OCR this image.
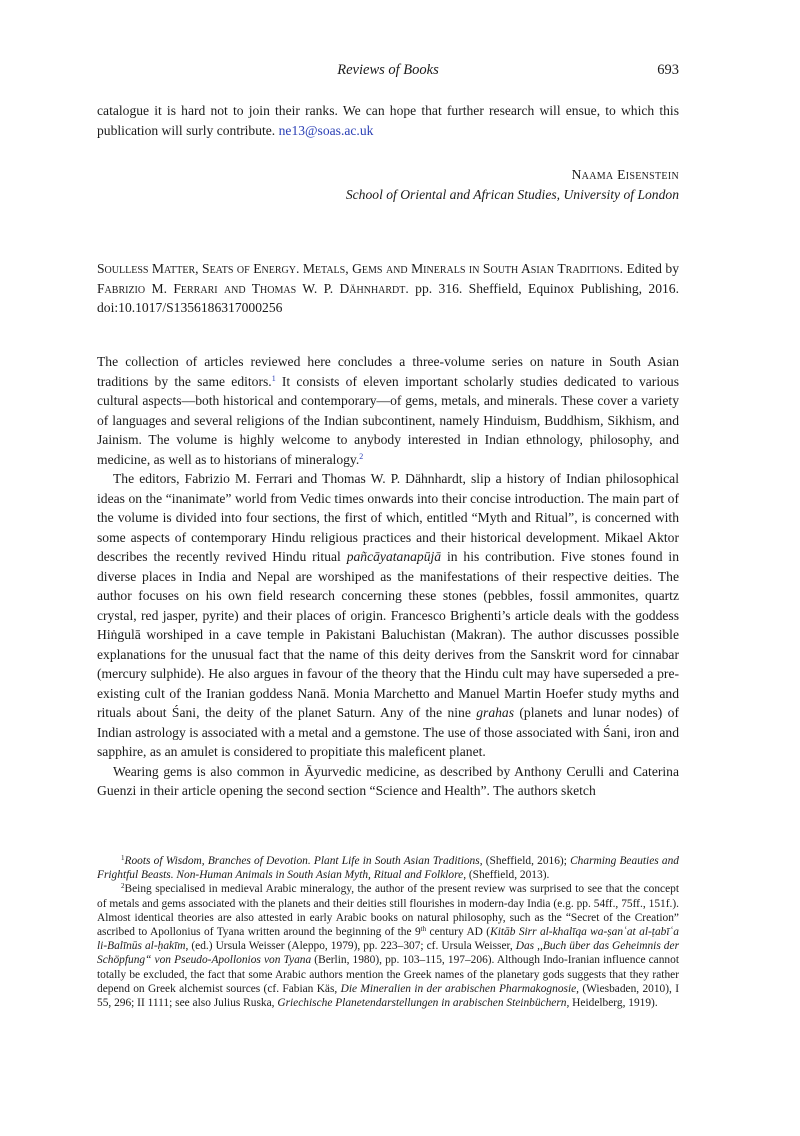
Reviews of Books	693

catalogue it is hard not to join their ranks. We can hope that further research will ensue, to which this publication will surly contribute. ne13@soas.ac.uk

Naama Eisenstein
School of Oriental and African Studies, University of London

Soulless Matter, Seats of Energy. Metals, Gems and Minerals in South Asian Traditions. Edited by Fabrizio M. Ferrari and Thomas W. P. Dähnhardt. pp. 316. Sheffield, Equinox Publishing, 2016. doi:10.1017/S1356186317000256

The collection of articles reviewed here concludes a three-volume series on nature in South Asian traditions by the same editors.$^1$ It consists of eleven important scholarly studies dedicated to various cultural aspects—both historical and contemporary—of gems, metals, and minerals. These cover a variety of languages and several religions of the Indian subcontinent, namely Hinduism, Buddhism, Sikhism, and Jainism. The volume is highly welcome to anybody interested in Indian ethnology, philosophy, and medicine, as well as to historians of mineralogy.$^2$

The editors, Fabrizio M. Ferrari and Thomas W. P. Dähnhardt, slip a history of Indian philosophical ideas on the “inanimate” world from Vedic times onwards into their concise introduction. The main part of the volume is divided into four sections, the first of which, entitled “Myth and Ritual”, is concerned with some aspects of contemporary Hindu religious practices and their historical development. Mikael Aktor describes the recently revived Hindu ritual pañcāyatanapūjā in his contribution. Five stones found in diverse places in India and Nepal are worshiped as the manifestations of their respective deities. The author focuses on his own field research concerning these stones (pebbles, fossil ammonites, quartz crystal, red jasper, pyrite) and their places of origin. Francesco Brighenti’s article deals with the goddess Hiṅgulā worshiped in a cave temple in Pakistani Baluchistan (Makran). The author discusses possible explanations for the unusual fact that the name of this deity derives from the Sanskrit word for cinnabar (mercury sulphide). He also argues in favour of the theory that the Hindu cult may have superseded a pre-existing cult of the Iranian goddess Nanā. Monia Marchetto and Manuel Martin Hoefer study myths and rituals about Śani, the deity of the planet Saturn. Any of the nine grahas (planets and lunar nodes) of Indian astrology is associated with a metal and a gemstone. The use of those associated with Śani, iron and sapphire, as an amulet is considered to propitiate this maleficent planet.

Wearing gems is also common in Āyurvedic medicine, as described by Anthony Cerulli and Caterina Guenzi in their article opening the second section “Science and Health”. The authors sketch

$^1$Roots of Wisdom, Branches of Devotion. Plant Life in South Asian Traditions, (Sheffield, 2016); Charming Beauties and Frightful Beasts. Non-Human Animals in South Asian Myth, Ritual and Folklore, (Sheffield, 2013).

$^2$Being specialised in medieval Arabic mineralogy, the author of the present review was surprised to see that the concept of metals and gems associated with the planets and their deities still flourishes in modern-day India (e.g. pp. 54ff., 75ff., 151f.). Almost identical theories are also attested in early Arabic books on natural philosophy, such as the “Secret of the Creation” ascribed to Apollonius of Tyana written around the beginning of the 9th century AD (Kitāb Sirr al-khalīqa wa-ṣanʿat al-ṭabīʿa li-Balīnūs al-ḥakīm, (ed.) Ursula Weisser (Aleppo, 1979), pp. 223–307; cf. Ursula Weisser, Das ,,Buch über das Geheimnis der Schöpfung“ von Pseudo-Apollonios von Tyana (Berlin, 1980), pp. 103–115, 197–206). Although Indo-Iranian influence cannot totally be excluded, the fact that some Arabic authors mention the Greek names of the planetary gods suggests that they rather depend on Greek alchemist sources (cf. Fabian Käs, Die Mineralien in der arabischen Pharmakognosie, (Wiesbaden, 2010), I 55, 296; II 1111; see also Julius Ruska, Griechische Planetendarstellungen in arabischen Steinbüchern, Heidelberg, 1919).
